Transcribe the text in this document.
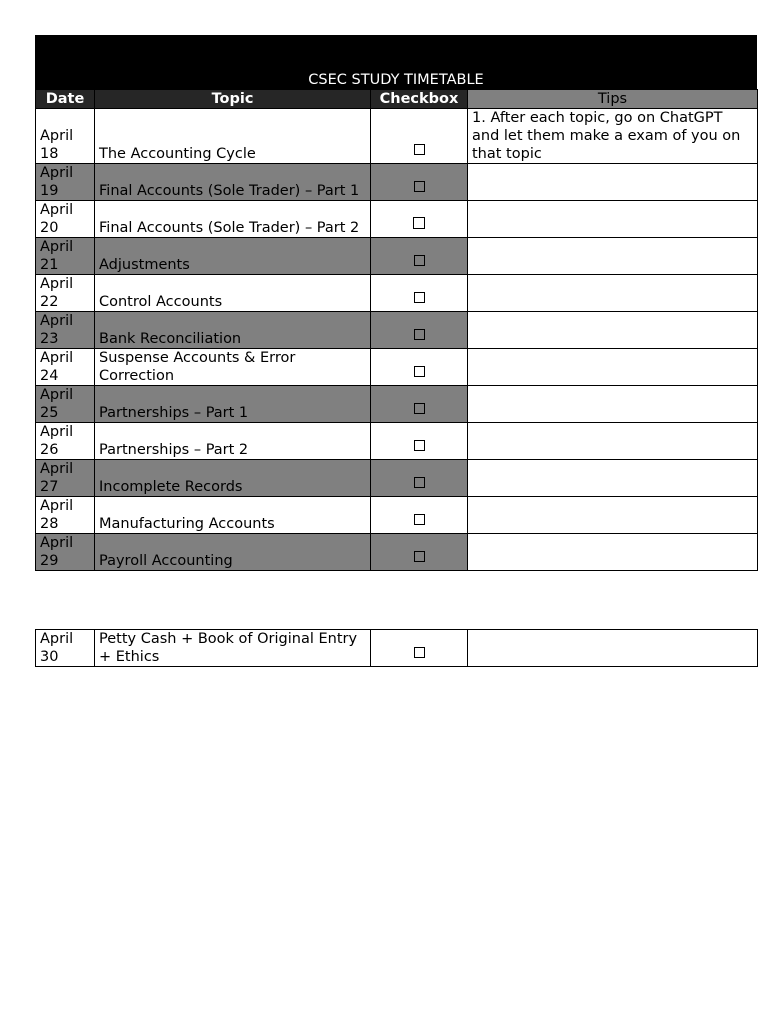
CSEC STUDY TIMETABLE
Date	Topic	Checkbox	Tips
April 18	The Accounting Cycle		1. After each topic, go on ChatGPT and let them make a exam of you on that topic
April 19	Final Accounts (Sole Trader) – Part 1		
April 20	Final Accounts (Sole Trader) – Part 2		
April 21	Adjustments		
April 22	Control Accounts		
April 23	Bank Reconciliation		
April 24	Suspense Accounts & Error Correction		
April 25	Partnerships – Part 1		
April 26	Partnerships – Part 2		
April 27	Incomplete Records		
April 28	Manufacturing Accounts		
April 29	Payroll Accounting		
April 30	Petty Cash + Book of Original Entry + Ethics		
